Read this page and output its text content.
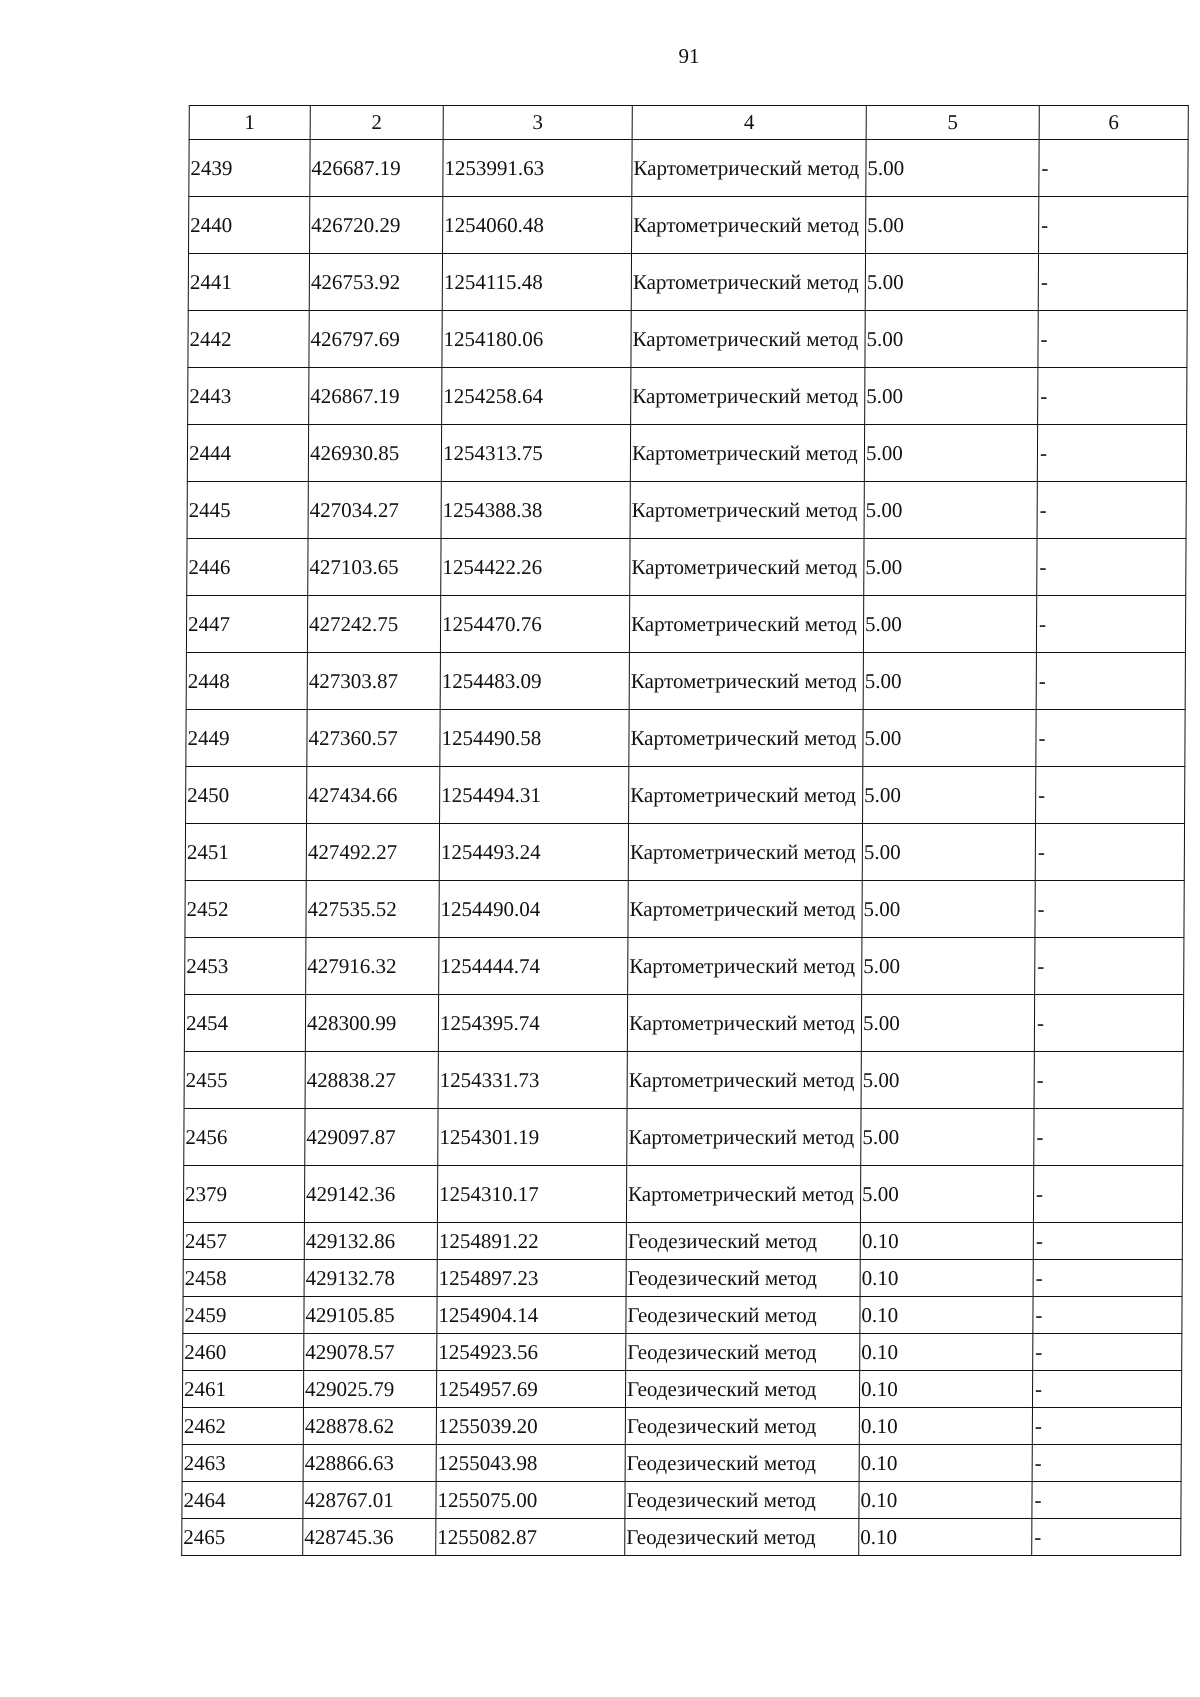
91
1	2	3	4	5	6
2439	426687.19	1253991.63	Картометрический метод	5.00	-
2440	426720.29	1254060.48	Картометрический метод	5.00	-
2441	426753.92	1254115.48	Картометрический метод	5.00	-
2442	426797.69	1254180.06	Картометрический метод	5.00	-
2443	426867.19	1254258.64	Картометрический метод	5.00	-
2444	426930.85	1254313.75	Картометрический метод	5.00	-
2445	427034.27	1254388.38	Картометрический метод	5.00	-
2446	427103.65	1254422.26	Картометрический метод	5.00	-
2447	427242.75	1254470.76	Картометрический метод	5.00	-
2448	427303.87	1254483.09	Картометрический метод	5.00	-
2449	427360.57	1254490.58	Картометрический метод	5.00	-
2450	427434.66	1254494.31	Картометрический метод	5.00	-
2451	427492.27	1254493.24	Картометрический метод	5.00	-
2452	427535.52	1254490.04	Картометрический метод	5.00	-
2453	427916.32	1254444.74	Картометрический метод	5.00	-
2454	428300.99	1254395.74	Картометрический метод	5.00	-
2455	428838.27	1254331.73	Картометрический метод	5.00	-
2456	429097.87	1254301.19	Картометрический метод	5.00	-
2379	429142.36	1254310.17	Картометрический метод	5.00	-
2457	429132.86	1254891.22	Геодезический метод	0.10	-
2458	429132.78	1254897.23	Геодезический метод	0.10	-
2459	429105.85	1254904.14	Геодезический метод	0.10	-
2460	429078.57	1254923.56	Геодезический метод	0.10	-
2461	429025.79	1254957.69	Геодезический метод	0.10	-
2462	428878.62	1255039.20	Геодезический метод	0.10	-
2463	428866.63	1255043.98	Геодезический метод	0.10	-
2464	428767.01	1255075.00	Геодезический метод	0.10	-
2465	428745.36	1255082.87	Геодезический метод	0.10	-
